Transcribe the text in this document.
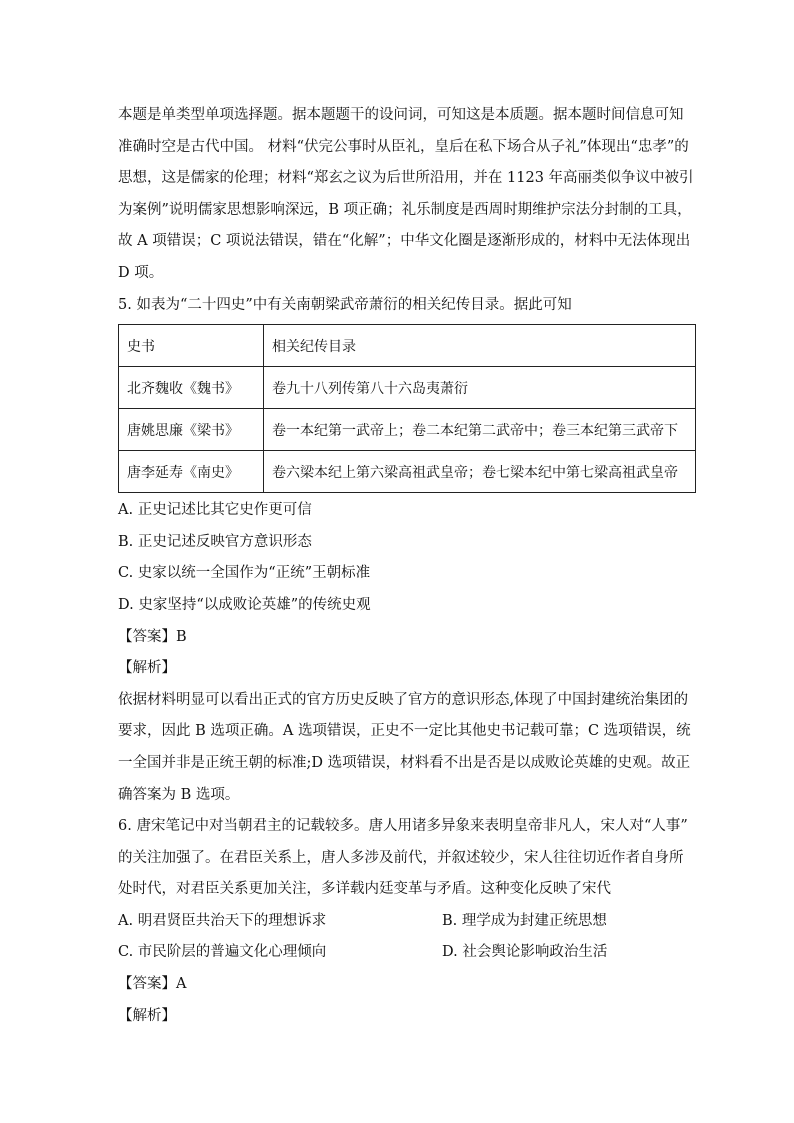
本题是单类型单项选择题。据本题题干的设问词，可知这是本质题。据本题时间信息可知
准确时空是古代中国。 材料“伏完公事时从臣礼，皇后在私下场合从子礼”体现出“忠孝”的
思想，这是儒家的伦理；材料“郑玄之议为后世所沿用，并在 1123 年高丽类似争议中被引
为案例”说明儒家思想影响深远，B 项正确；礼乐制度是西周时期维护宗法分封制的工具，
故 A 项错误；C 项说法错误，错在“化解”；中华文化圈是逐渐形成的，材料中无法体现出
D 项。
5. 如表为“二十四史”中有关南朝梁武帝萧衍的相关纪传目录。据此可知
史书	相关纪传目录
北齐魏收《魏书》	卷九十八列传第八十六岛夷萧衍
唐姚思廉《梁书》	卷一本纪第一武帝上；卷二本纪第二武帝中；卷三本纪第三武帝下
唐李延寿《南史》	卷六梁本纪上第六梁高祖武皇帝；卷七梁本纪中第七梁高祖武皇帝
A. 正史记述比其它史作更可信
B. 正史记述反映官方意识形态
C. 史家以统一全国作为“正统”王朝标准
D. 史家坚持“以成败论英雄”的传统史观
【答案】B
【解析】
依据材料明显可以看出正式的官方历史反映了官方的意识形态,体现了中国封建统治集团的
要求，因此 B 选项正确。A 选项错误，正史不一定比其他史书记载可靠；C 选项错误，统
一全国并非是正统王朝的标准;D 选项错误，材料看不出是否是以成败论英雄的史观。故正
确答案为 B 选项。
6. 唐宋笔记中对当朝君主的记载较多。唐人用诸多异象来表明皇帝非凡人，宋人对“人事”
的关注加强了。在君臣关系上，唐人多涉及前代，并叙述较少，宋人往往切近作者自身所
处时代，对君臣关系更加关注，多详载内廷变革与矛盾。这种变化反映了宋代
A. 明君贤臣共治天下的理想诉求	B. 理学成为封建正统思想
C. 市民阶层的普遍文化心理倾向	D. 社会舆论影响政治生活
【答案】A
【解析】
